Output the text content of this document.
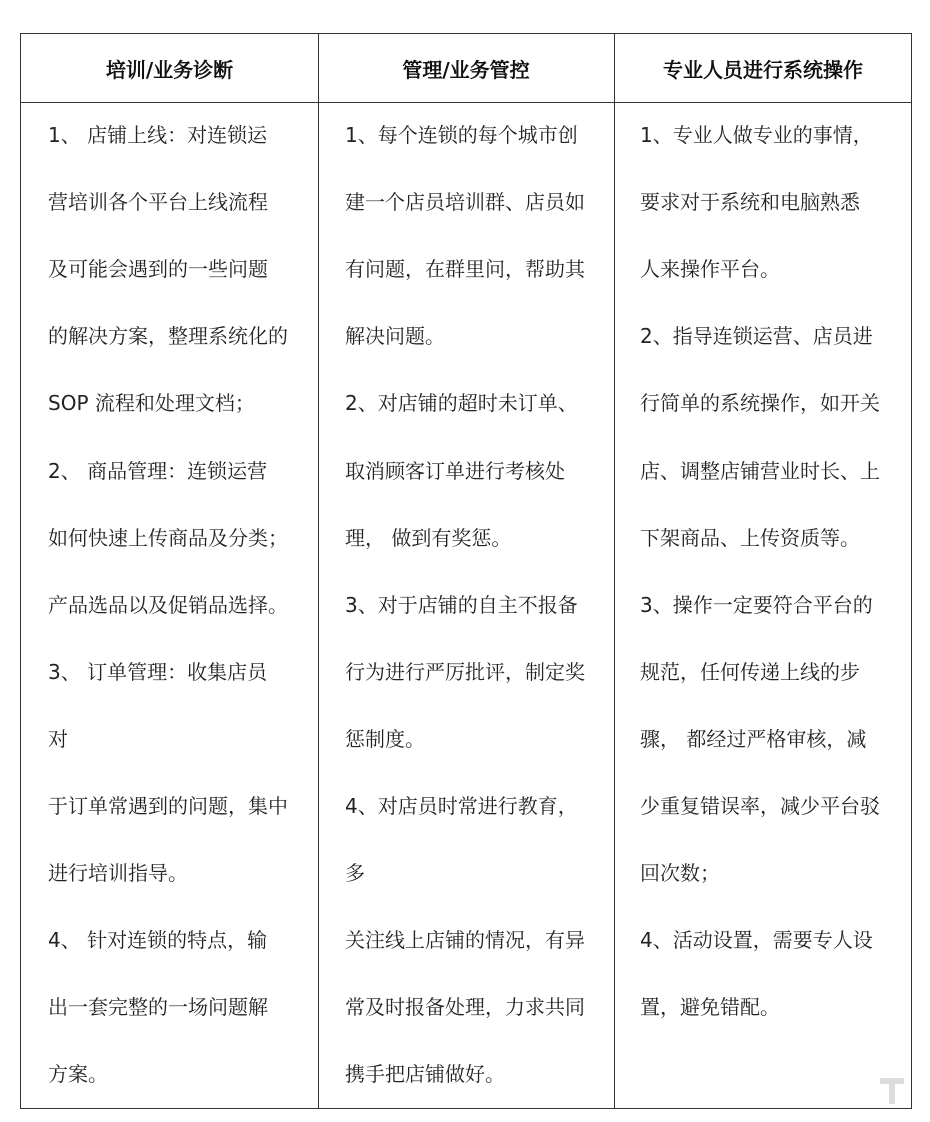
培训/业务诊断	管理/业务管控	专业人员进行系统操作
1、 店铺上线：对连锁运
营培训各个平台上线流程
及可能会遇到的一些问题
的解决方案，整理系统化的
SOP 流程和处理文档；
2、 商品管理：连锁运营
如何快速上传商品及分类；
产品选品以及促销品选择。
3、 订单管理：收集店员
对
于订单常遇到的问题，集中
进行培训指导。
4、 针对连锁的特点，输
出一套完整的一场问题解
方案。
1、每个连锁的每个城市创
建一个店员培训群、店员如
有问题，在群里问，帮助其
解决问题。
2、对店铺的超时未订单、
取消顾客订单进行考核处
理， 做到有奖惩。
3、对于店铺的自主不报备
行为进行严厉批评，制定奖
惩制度。
4、对店员时常进行教育，
多
关注线上店铺的情况，有异
常及时报备处理，力求共同
携手把店铺做好。
1、专业人做专业的事情，
要求对于系统和电脑熟悉
人来操作平台。
2、指导连锁运营、店员进
行简单的系统操作，如开关
店、调整店铺营业时长、上
下架商品、上传资质等。
3、操作一定要符合平台的
规范，任何传递上线的步
骤， 都经过严格审核，减
少重复错误率，减少平台驳
回次数；
4、活动设置，需要专人设
置，避免错配。
